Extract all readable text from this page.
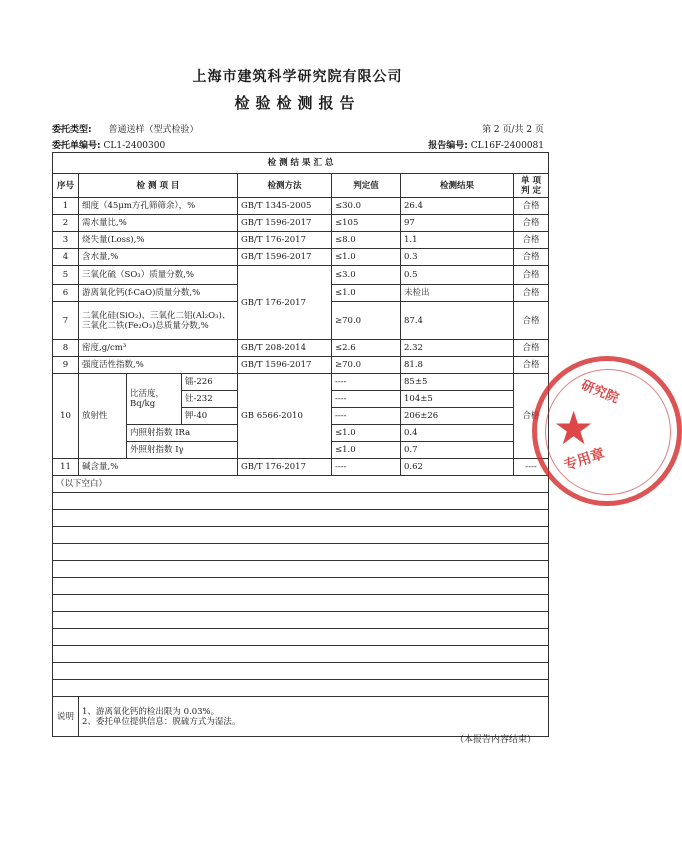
上海市建筑科学研究院有限公司
检验检测报告
委托类型: 普通送样（型式检验）	第 2 页/共 2 页
委托单编号: CL1-2400300	报告编号: CL16F-2400081
检 测 结 果 汇 总							
序号	检 测 项 目			检测方法	判定值	检测结果	单 项 判 定
1	细度（45μm方孔筛筛余），%			GB/T 1345-2005	≤30.0	26.4	合格
2	需水量比,%			GB/T 1596-2017	≤105	97	合格
3	烧失量(Loss),%			GB/T 176-2017	≤8.0	1.1	合格
4	含水量,%			GB/T 1596-2017	≤1.0	0.3	合格
5	三氧化硫（SO₃）质量分数,%			GB/T 176-2017	≤3.0	0.5	合格
6	游离氧化钙(f-CaO)质量分数,%				≤1.0	未检出	合格
7	二氧化硅(SiO₂)、三氧化二铝(Al₂O₃)、三氧化二铁(Fe₂O₃)总质量分数,%				≥70.0	87.4	合格
8	密度,g/cm³			GB/T 208-2014	≤2.6	2.32	合格
9	强度活性指数,%			GB/T 1596-2017	≥70.0	81.8	合格
10	放射性	比活度，Bq/kg	镭-226	GB 6566-2010	----	85±5	合格
			钍-232		----	104±5	
			钾-40		----	206±26	
		内照射指数 IRa			≤1.0	0.4	
		外照射指数 Iγ			≤1.0	0.7	
11	碱含量,%			GB/T 176-2017	----	0.62	----
（以下空白）							

说明	1、游离氧化钙的检出限为 0.03%。
2、委托单位提供信息：脱硫方式为湿法。						
（本报告内容结束）
★
研究院
专用章
